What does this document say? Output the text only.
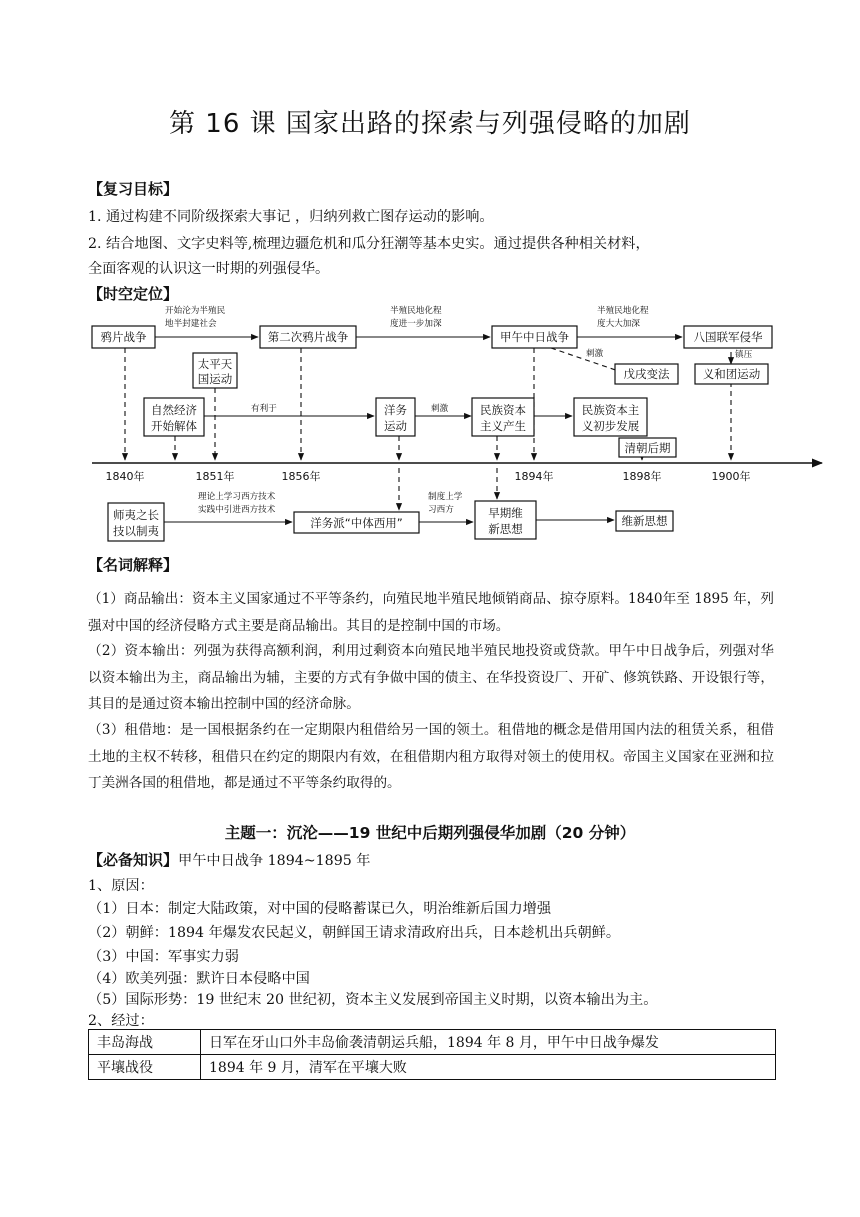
第 16 课 国家出路的探索与列强侵略的加剧
【复习目标】
1. 通过构建不同阶级探索大事记 ，归纳列救亡图存运动的影响。
2. 结合地图、文字史料等,梳理边疆危机和瓜分狂潮等基本史实。通过提供各种相关材料，
全面客观的认识这一时期的列强侵华。
【时空定位】
鸦片战争	第二次鸦片战争	甲午中日战争	八国联军侵华
太平天
国运动	戊戌变法	义和团运动
自然经济
开始解体
洋务
运动
民族资本
主义产生
民族资本主
义初步发展
清朝后期
师夷之长
技以制夷
洋务派“中体西用”
早期维
新思想
维新思想
开始沦为半殖民
地半封建社会
半殖民地化程
度进一步加深
半殖民地化程
度大大加深
刺激	镇压
有利于	刺激
理论上学习西方技术
实践中引进西方技术
制度上学
习西方
1840年	1851年	1856年	1894年	1898年	1900年
【名词解释】
（1）商品输出：资本主义国家通过不平等条约，向殖民地半殖民地倾销商品、掠夺原料。1840年至 1895 年，列强对中国的经济侵略方式主要是商品输出。其目的是控制中国的市场。
（2）资本输出：列强为获得高额利润，利用过剩资本向殖民地半殖民地投资或贷款。甲午中日战争后，列强对华以资本输出为主，商品输出为辅，主要的方式有争做中国的债主、在华投资设厂、开矿、修筑铁路、开设银行等，其目的是通过资本输出控制中国的经济命脉。
（3）租借地：是一国根据条约在一定期限内租借给另一国的领土。租借地的概念是借用国内法的租赁关系，租借土地的主权不转移，租借只在约定的期限内有效，在租借期内租方取得对领土的使用权。帝国主义国家在亚洲和拉丁美洲各国的租借地，都是通过不平等条约取得的。
主题一：沉沦——19 世纪中后期列强侵华加剧（20 分钟）
【必备知识】甲午中日战争 1894~1895 年
1、原因：
（1）日本：制定大陆政策，对中国的侵略蓄谋已久，明治维新后国力增强
（2）朝鲜：1894 年爆发农民起义，朝鲜国王请求清政府出兵，日本趁机出兵朝鲜。
（3）中国：军事实力弱
（4）欧美列强：默许日本侵略中国
（5）国际形势：19 世纪末 20 世纪初，资本主义发展到帝国主义时期，以资本输出为主。
2、经过：
丰岛海战	日军在牙山口外丰岛偷袭清朝运兵船，1894 年 8 月，甲午中日战争爆发
平壤战役	1894 年 9 月，清军在平壤大败
